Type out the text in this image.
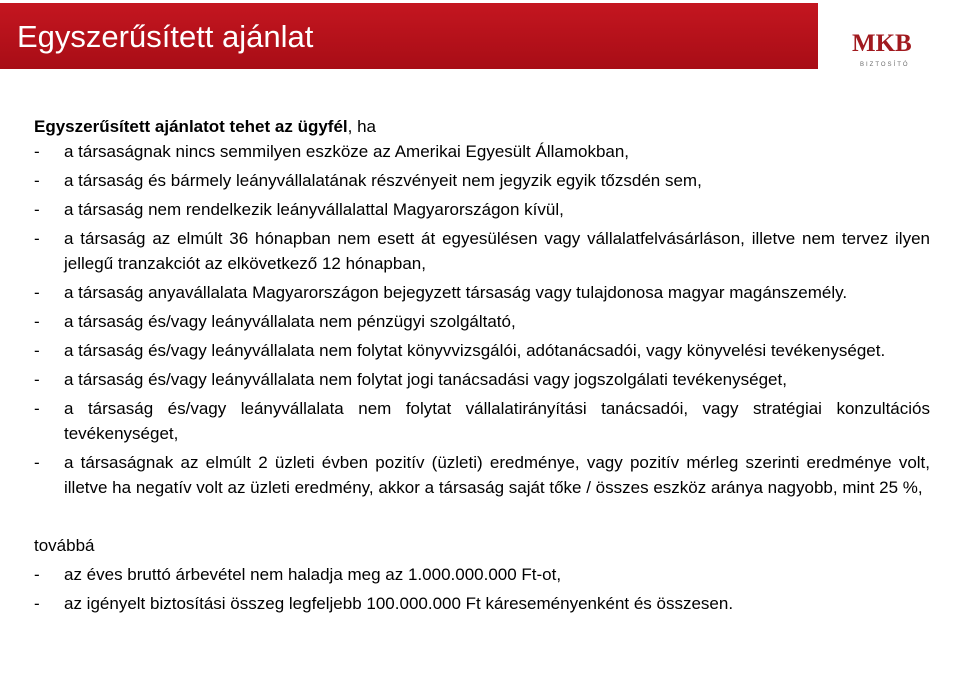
Egyszerűsített ajánlat	MKB
BIZTOSÍTÓ

Egyszerűsített ajánlatot tehet az ügyfél, ha

- a társaságnak nincs semmilyen eszköze az Amerikai Egyesült Államokban,

- a társaság és bármely leányvállalatának részvényeit nem jegyzik egyik tőzsdén sem,

- a társaság nem rendelkezik leányvállalattal Magyarországon kívül,

- a társaság az elmúlt 36 hónapban nem esett át egyesülésen vagy vállalatfelvásárláson, illetve nem tervez ilyen jellegű tranzakciót az elkövetkező 12 hónapban,

- a társaság anyavállalata Magyarországon bejegyzett társaság vagy tulajdonosa magyar magánszemély.

- a társaság és/vagy leányvállalata nem pénzügyi szolgáltató,

- a társaság és/vagy leányvállalata nem folytat könyvvizsgálói, adótanácsadói, vagy könyvelési tevékenységet.

- a társaság és/vagy leányvállalata nem folytat jogi tanácsadási vagy jogszolgálati tevékenységet,

- a társaság és/vagy leányvállalata nem folytat vállalatirányítási tanácsadói, vagy stratégiai konzultációs tevékenységet,

- a társaságnak az elmúlt 2 üzleti évben pozitív (üzleti) eredménye, vagy pozitív mérleg szerinti eredménye volt, illetve ha negatív volt az üzleti eredmény, akkor a társaság saját tőke / összes eszköz aránya nagyobb, mint 25 %,

továbbá

- az éves bruttó árbevétel nem haladja meg az 1.000.000.000 Ft-ot,

- az igényelt biztosítási összeg legfeljebb 100.000.000 Ft káreseményenként és összesen.
